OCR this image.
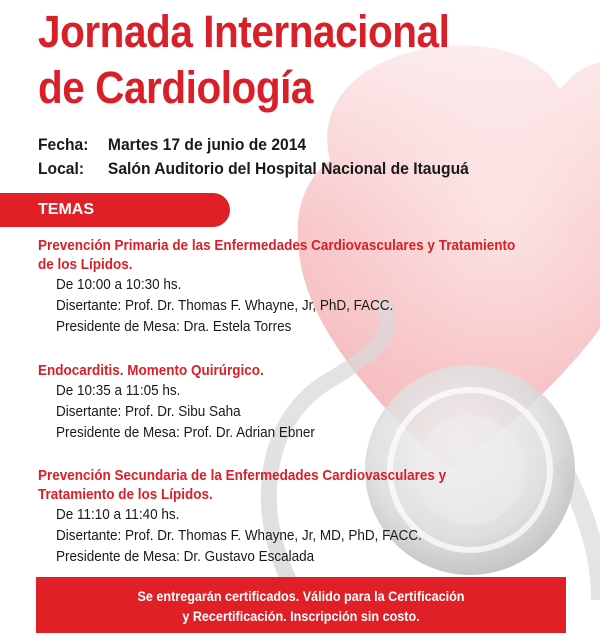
Jornada Internacional
de Cardiología
Fecha:	Martes 17 de junio de 2014
Local:	Salón Auditorio del Hospital Nacional de Itauguá
TEMAS
Prevención Primaria de las Enfermedades Cardiovasculares y Tratamiento
de los Lípidos.
De 10:00 a 10:30 hs.
Disertante: Prof. Dr. Thomas F. Whayne, Jr, PhD, FACC.
Presidente de Mesa: Dra. Estela Torres
Endocarditis. Momento Quirúrgico.
De 10:35 a 11:05 hs.
Disertante: Prof. Dr. Sibu Saha
Presidente de Mesa: Prof. Dr. Adrian Ebner
Prevención Secundaria de la Enfermedades Cardiovasculares y
Tratamiento de los Lípidos.
De 11:10 a 11:40 hs.
Disertante: Prof. Dr. Thomas F. Whayne, Jr, MD, PhD, FACC.
Presidente de Mesa: Dr. Gustavo Escalada
Se entregarán certificados. Válido para la Certificación
y Recertificación. Inscripción sin costo.
